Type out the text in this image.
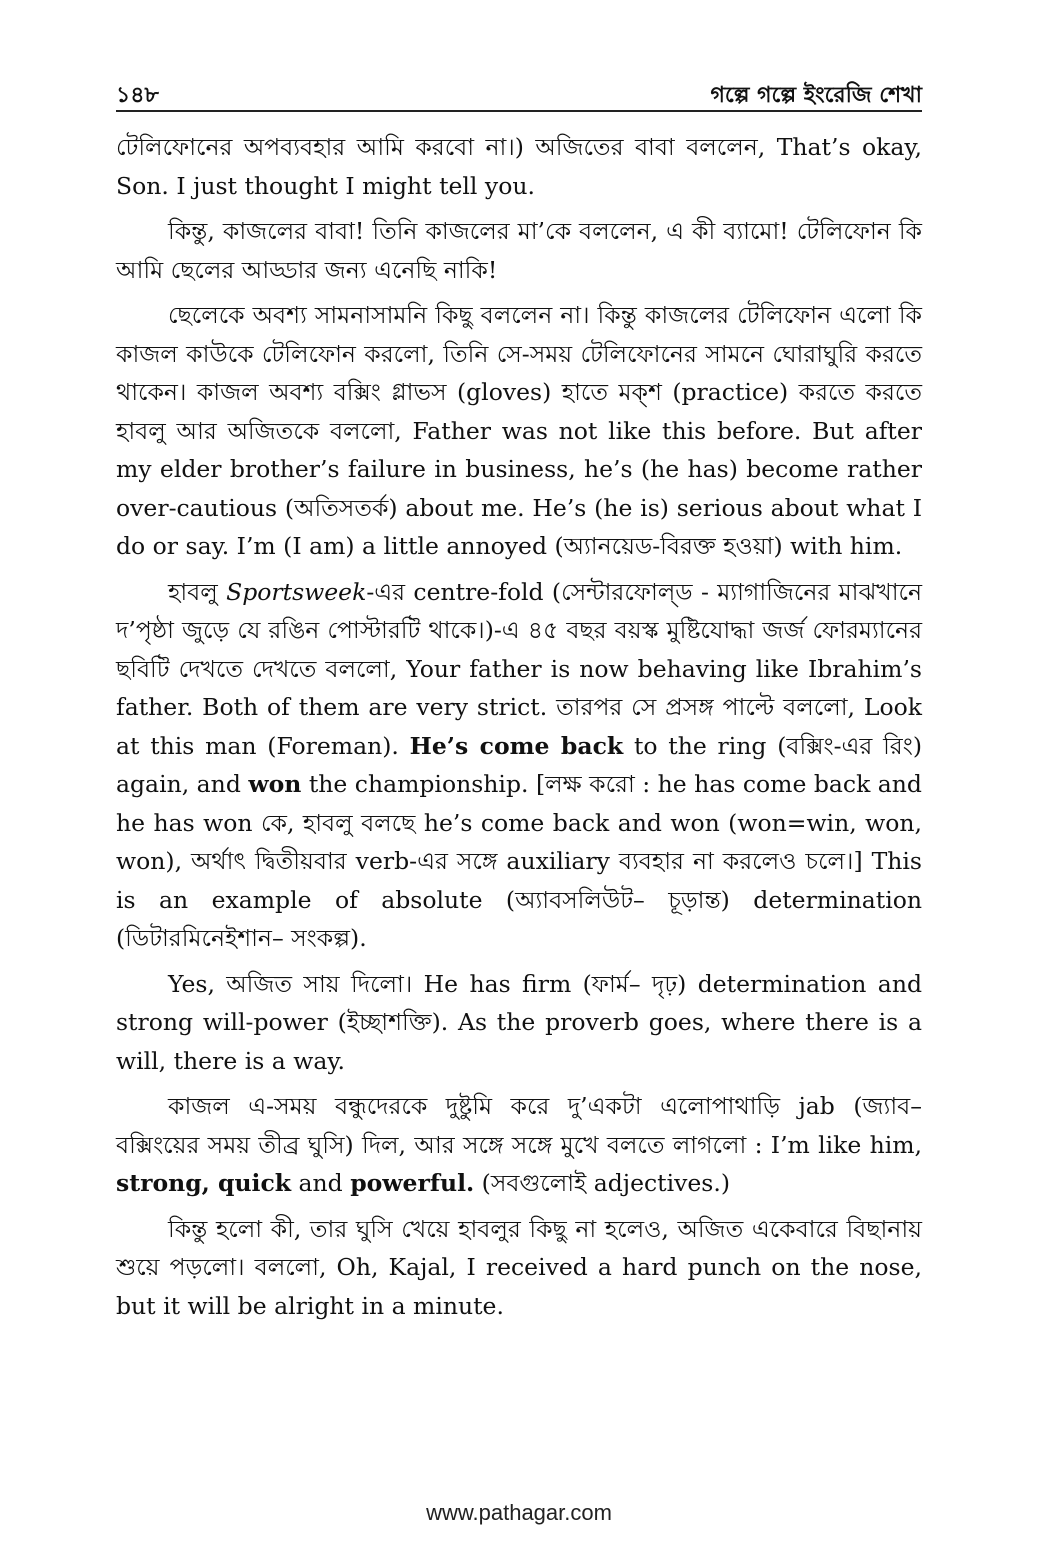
১৪৮	গল্পে গল্পে ইংরেজি শেখা

টেলিফোনের অপব্যবহার আমি করবো না।) অজিতের বাবা বললেন, That’s okay, Son. I just thought I might tell you.

কিন্তু, কাজলের বাবা! তিনি কাজলের মা’কে বললেন, এ কী ব্যামো! টেলিফোন কি আমি ছেলের আড্ডার জন্য এনেছি নাকি!

ছেলেকে অবশ্য সামনাসামনি কিছু বললেন না। কিন্তু কাজলের টেলিফোন এলো কি কাজল কাউকে টেলিফোন করলো, তিনি সে-সময় টেলিফোনের সামনে ঘোরাঘুরি করতে থাকেন। কাজল অবশ্য বক্সিং গ্লাভস (gloves) হাতে মক্‌শ (practice) করতে করতে হাবলু আর অজিতকে বললো, Father was not like this before. But after my elder brother’s failure in business, he’s (he has) become rather over-cautious (অতিসতর্ক) about me. He’s (he is) serious about what I do or say. I’m (I am) a little annoyed (অ্যানয়েড-বিরক্ত হওয়া) with him.

হাবলু Sportsweek-এর centre-fold (সেন্টারফোল্‌ড - ম্যাগাজিনের মাঝখানে দ’পৃষ্ঠা জুড়ে যে রঙিন পোস্টারটি থাকে।)-এ ৪৫ বছর বয়স্ক মুষ্টিযোদ্ধা জর্জ ফোরম্যানের ছবিটি দেখতে দেখতে বললো, Your father is now behaving like Ibrahim’s father. Both of them are very strict. তারপর সে প্রসঙ্গ পাল্টে বললো, Look at this man (Foreman). He’s come back to the ring (বক্সিং-এর রিং) again, and won the championship. [লক্ষ করো : he has come back and he has won কে, হাবলু বলছে he’s come back and won (won=win, won, won), অর্থাৎ দ্বিতীয়বার verb-এর সঙ্গে auxiliary ব্যবহার না করলেও চলে।] This is an example of absolute (অ্যাবসলিউট– চূড়ান্ত) determination (ডিটারমিনেইশান– সংকল্প).

Yes, অজিত সায় দিলো। He has firm (ফার্ম– দৃঢ়) determination and strong will-power (ইচ্ছাশক্তি). As the proverb goes, where there is a will, there is a way.

কাজল এ-সময় বন্ধুদেরকে দুষ্টুমি করে দু’একটা এলোপাথাড়ি jab (জ্যাব– বক্সিংয়ের সময় তীব্র ঘুসি) দিল, আর সঙ্গে সঙ্গে মুখে বলতে লাগলো : I’m like him, strong, quick and powerful. (সবগুলোই adjectives.)

কিন্তু হলো কী, তার ঘুসি খেয়ে হাবলুর কিছু না হলেও, অজিত একেবারে বিছানায় শুয়ে পড়লো। বললো, Oh, Kajal, I received a hard punch on the nose, but it will be alright in a minute.

www.pathagar.com
